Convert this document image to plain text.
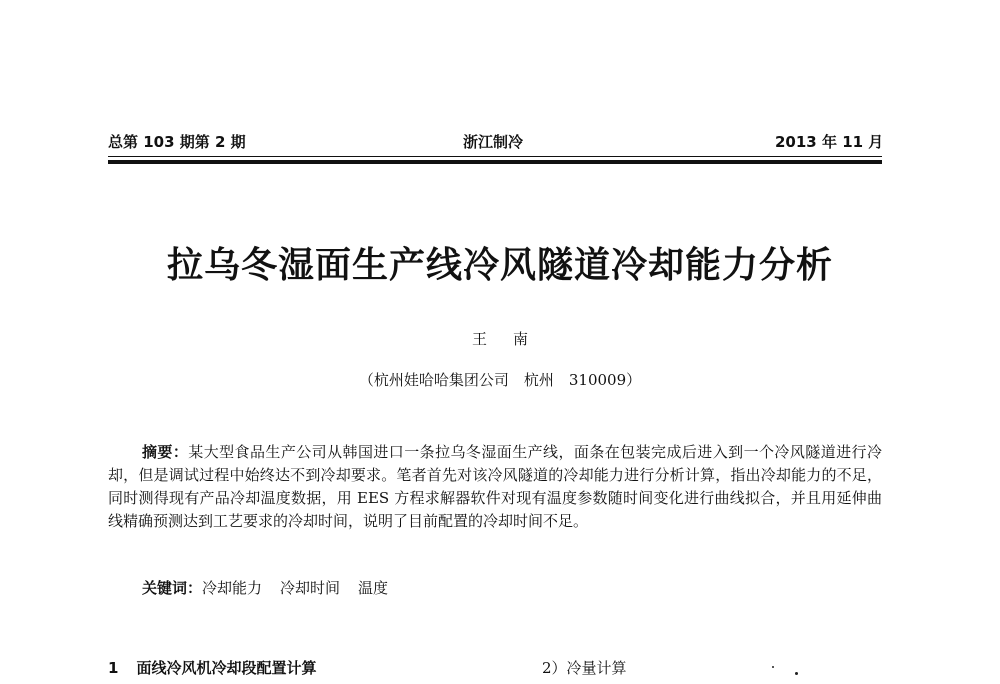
总第 103 期第 2 期	浙江制冷	2013 年 11 月
拉乌冬湿面生产线冷风隧道冷却能力分析
王南
（杭州娃哈哈集团公司　杭州　310009）

摘要：某大型食品生产公司从韩国进口一条拉乌冬湿面生产线，面条在包装完成后进入到一个冷风隧道进行冷却，但是调试过程中始终达不到冷却要求。笔者首先对该冷风隧道的冷却能力进行分析计算，指出冷却能力的不足，同时测得现有产品冷却温度数据，用 EES 方程求解器软件对现有温度参数随时间变化进行曲线拟合，并且用延伸曲线精确预测达到工艺要求的冷却时间，说明了目前配置的冷却时间不足。

关键词：冷却能力 冷却时间 温度
1 面线冷风机冷却段配置计算	2）冷量计算
